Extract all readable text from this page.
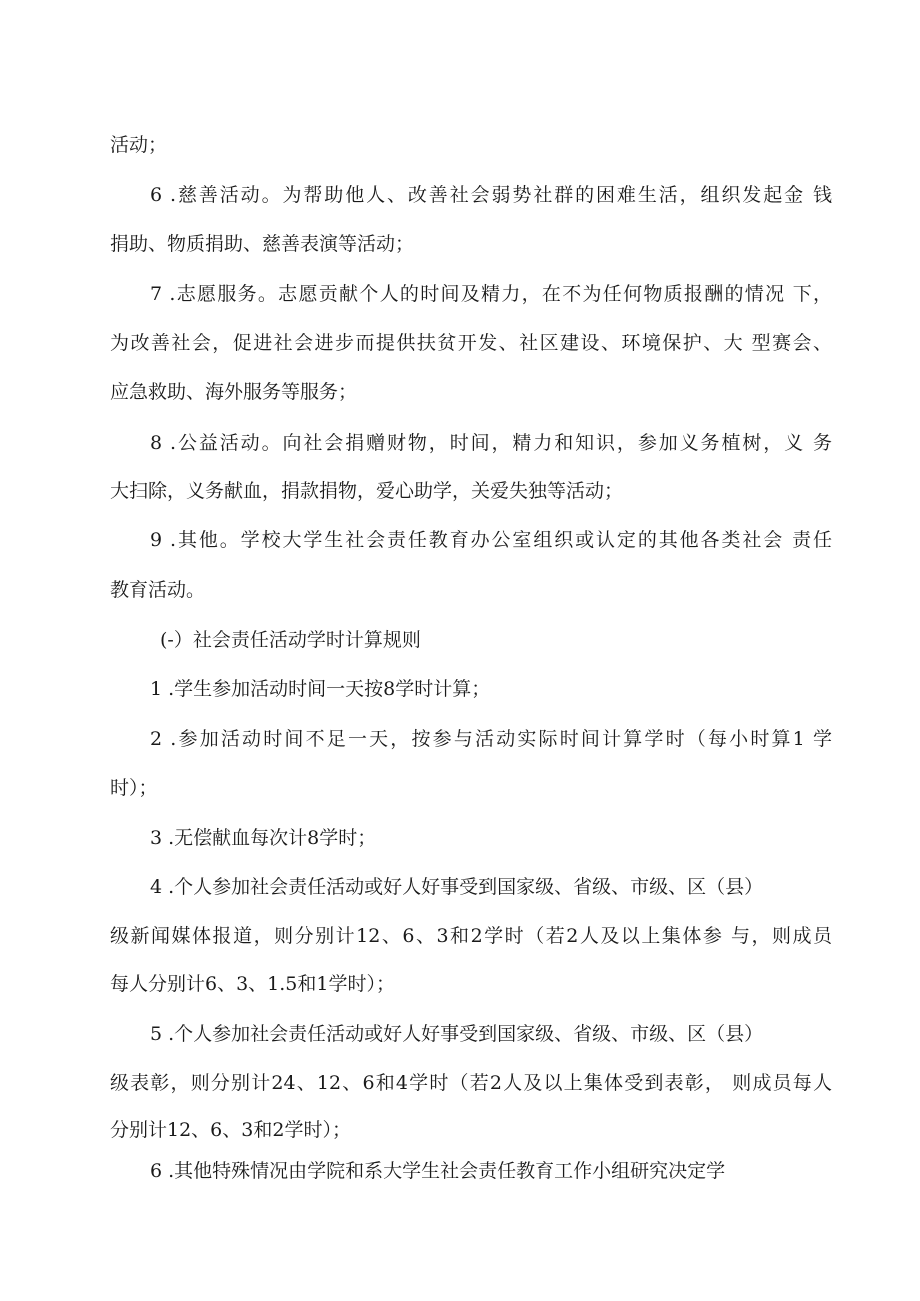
活动；

6 .慈善活动。为帮助他人、改善社会弱势社群的困难生活，组织发起金 钱

捐助、物质捐助、慈善表演等活动；

7 .志愿服务。志愿贡献个人的时间及精力，在不为任何物质报酬的情况 下，

为改善社会，促进社会进步而提供扶贫开发、社区建设、环境保护、大 型赛会、

应急救助、海外服务等服务；

8 .公益活动。向社会捐赠财物，时间，精力和知识，参加义务植树，义 务

大扫除，义务献血，捐款捐物，爱心助学，关爱失独等活动；

9 .其他。学校大学生社会责任教育办公室组织或认定的其他各类社会 责任

教育活动。

(-）社会责任活动学时计算规则

1 .学生参加活动时间一天按8学时计算；

2 .参加活动时间不足一天，按参与活动实际时间计算学时（每小时算1 学

时）；

3 .无偿献血每次计8学时；

4 .个人参加社会责任活动或好人好事受到国家级、省级、市级、区（县）

级新闻媒体报道，则分别计12、6、3和2学时（若2人及以上集体参 与，则成员

每人分别计6、3、1.5和1学时）；

5 .个人参加社会责任活动或好人好事受到国家级、省级、市级、区（县）

级表彰，则分别计24、12、6和4学时（若2人及以上集体受到表彰， 则成员每人

分别计12、6、3和2学时）；

6 .其他特殊情况由学院和系大学生社会责任教育工作小组研究决定学
